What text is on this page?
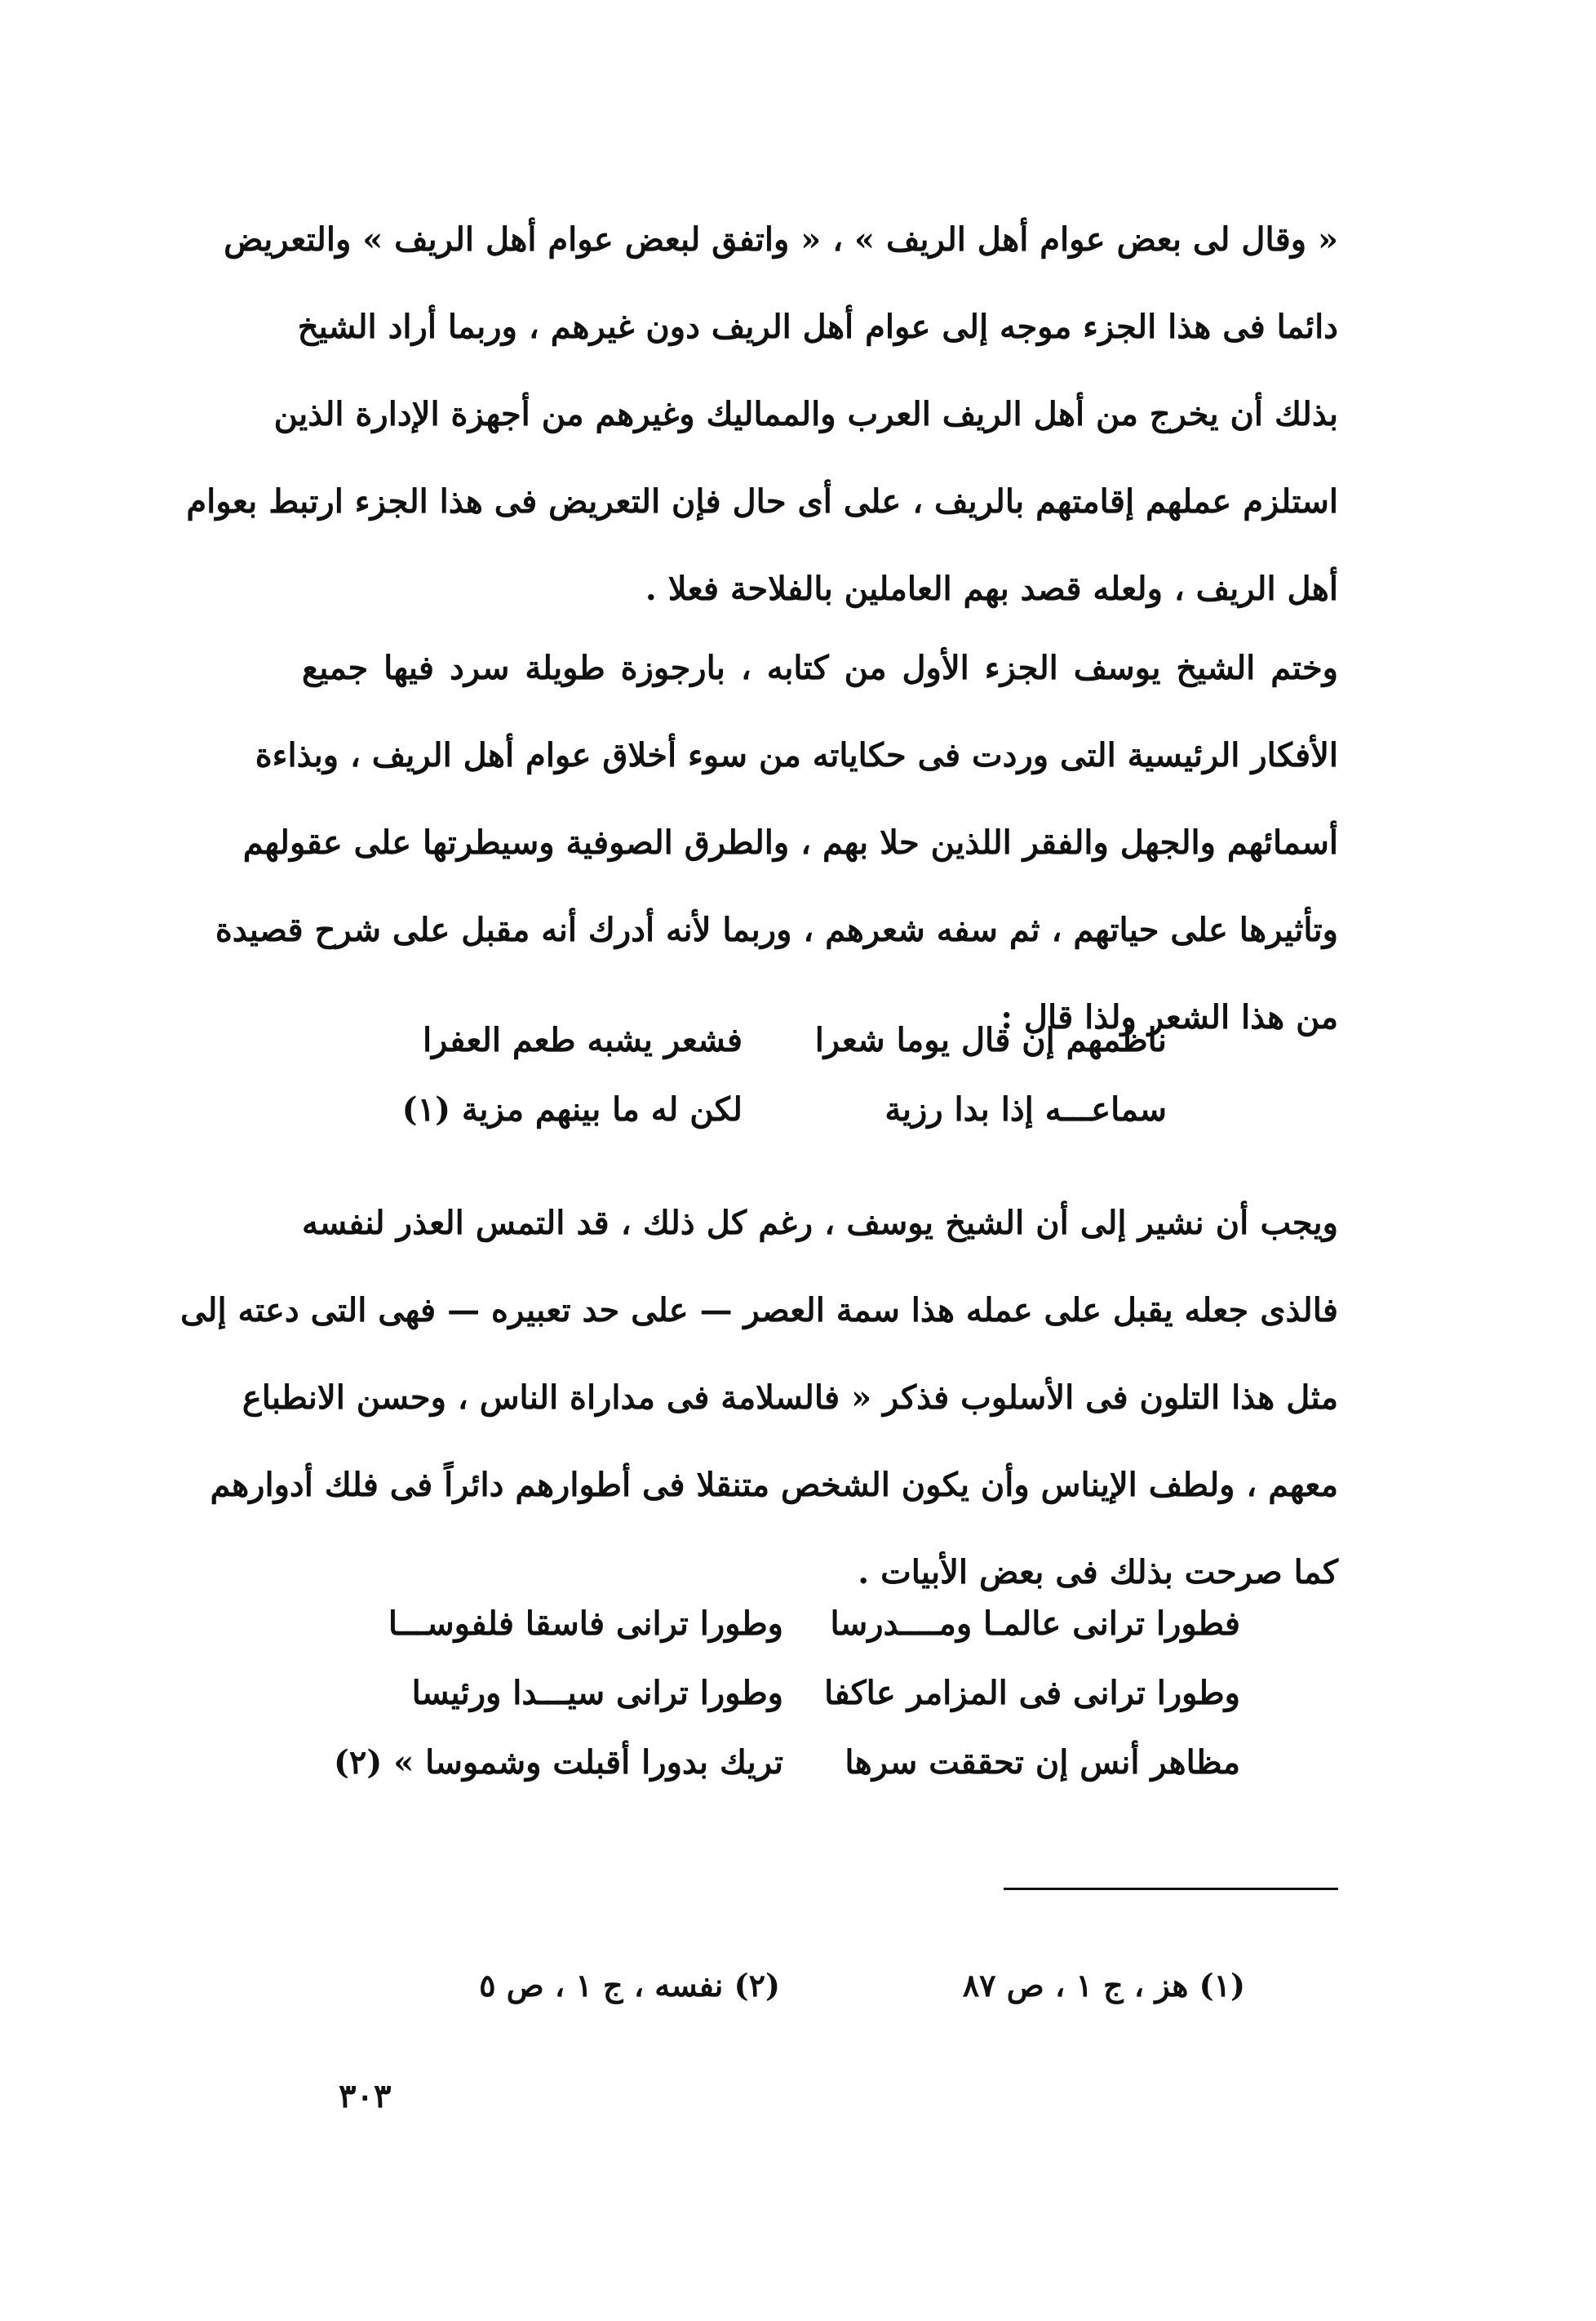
« وقال لى بعض عوام أهل الريف » ، « واتفق لبعض عوام أهل الريف » والتعريض
دائما فى هذا الجزء موجه إلى عوام أهل الريف دون غيرهم ، وربما أراد الشيخ
بذلك أن يخرج من أهل الريف العرب والمماليك وغيرهم من أجهزة الإدارة الذين
استلزم عملهم إقامتهم بالريف ، على أى حال فإن التعريض فى هذا الجزء ارتبط بعوام
أهل الريف ، ولعله قصد بهم العاملين بالفلاحة فعلا .
وختم الشيخ يوسف الجزء الأول من كتابه ، بارجوزة طويلة سرد فيها جميع
الأفكار الرئيسية التى وردت فى حكاياته من سوء أخلاق عوام أهل الريف ، وبذاءة
أسمائهم والجهل والفقر اللذين حلا بهم ، والطرق الصوفية وسيطرتها على عقولهم
وتأثيرها على حياتهم ، ثم سفه شعرهم ، وربما لأنه أدرك أنه مقبل على شرح قصيدة
من هذا الشعر ولذا قال :
ناظمهم إن قال يوما شعرا
فشعر يشبه طعم العفرا
سماعـــه إذا بدا رزية
لكن له ما بينهم مزية (١)
ويجب أن نشير إلى أن الشيخ يوسف ، رغم كل ذلك ، قد التمس العذر لنفسه
فالذى جعله يقبل على عمله هذا سمة العصر — على حد تعبيره — فهى التى دعته إلى
مثل هذا التلون فى الأسلوب فذكر « فالسلامة فى مداراة الناس ، وحسن الانطباع
معهم ، ولطف الإيناس وأن يكون الشخص متنقلا فى أطوارهم دائراً فى فلك أدوارهم
كما صرحت بذلك فى بعض الأبيات .
فطورا ترانى عالمـا ومــــدرسا
وطورا ترانى فاسقا فلفوســـا
وطورا ترانى فى المزامر عاكفا
وطورا ترانى سيـــدا ورئيسا
مظاهر أنس إن تحققت سرها
تريك بدورا أقبلت وشموسا » (٢)
(١) هز ، ج ١ ، ص ٨٧
(٢) نفسه ، ج ١ ، ص ٥
٣٠٣
